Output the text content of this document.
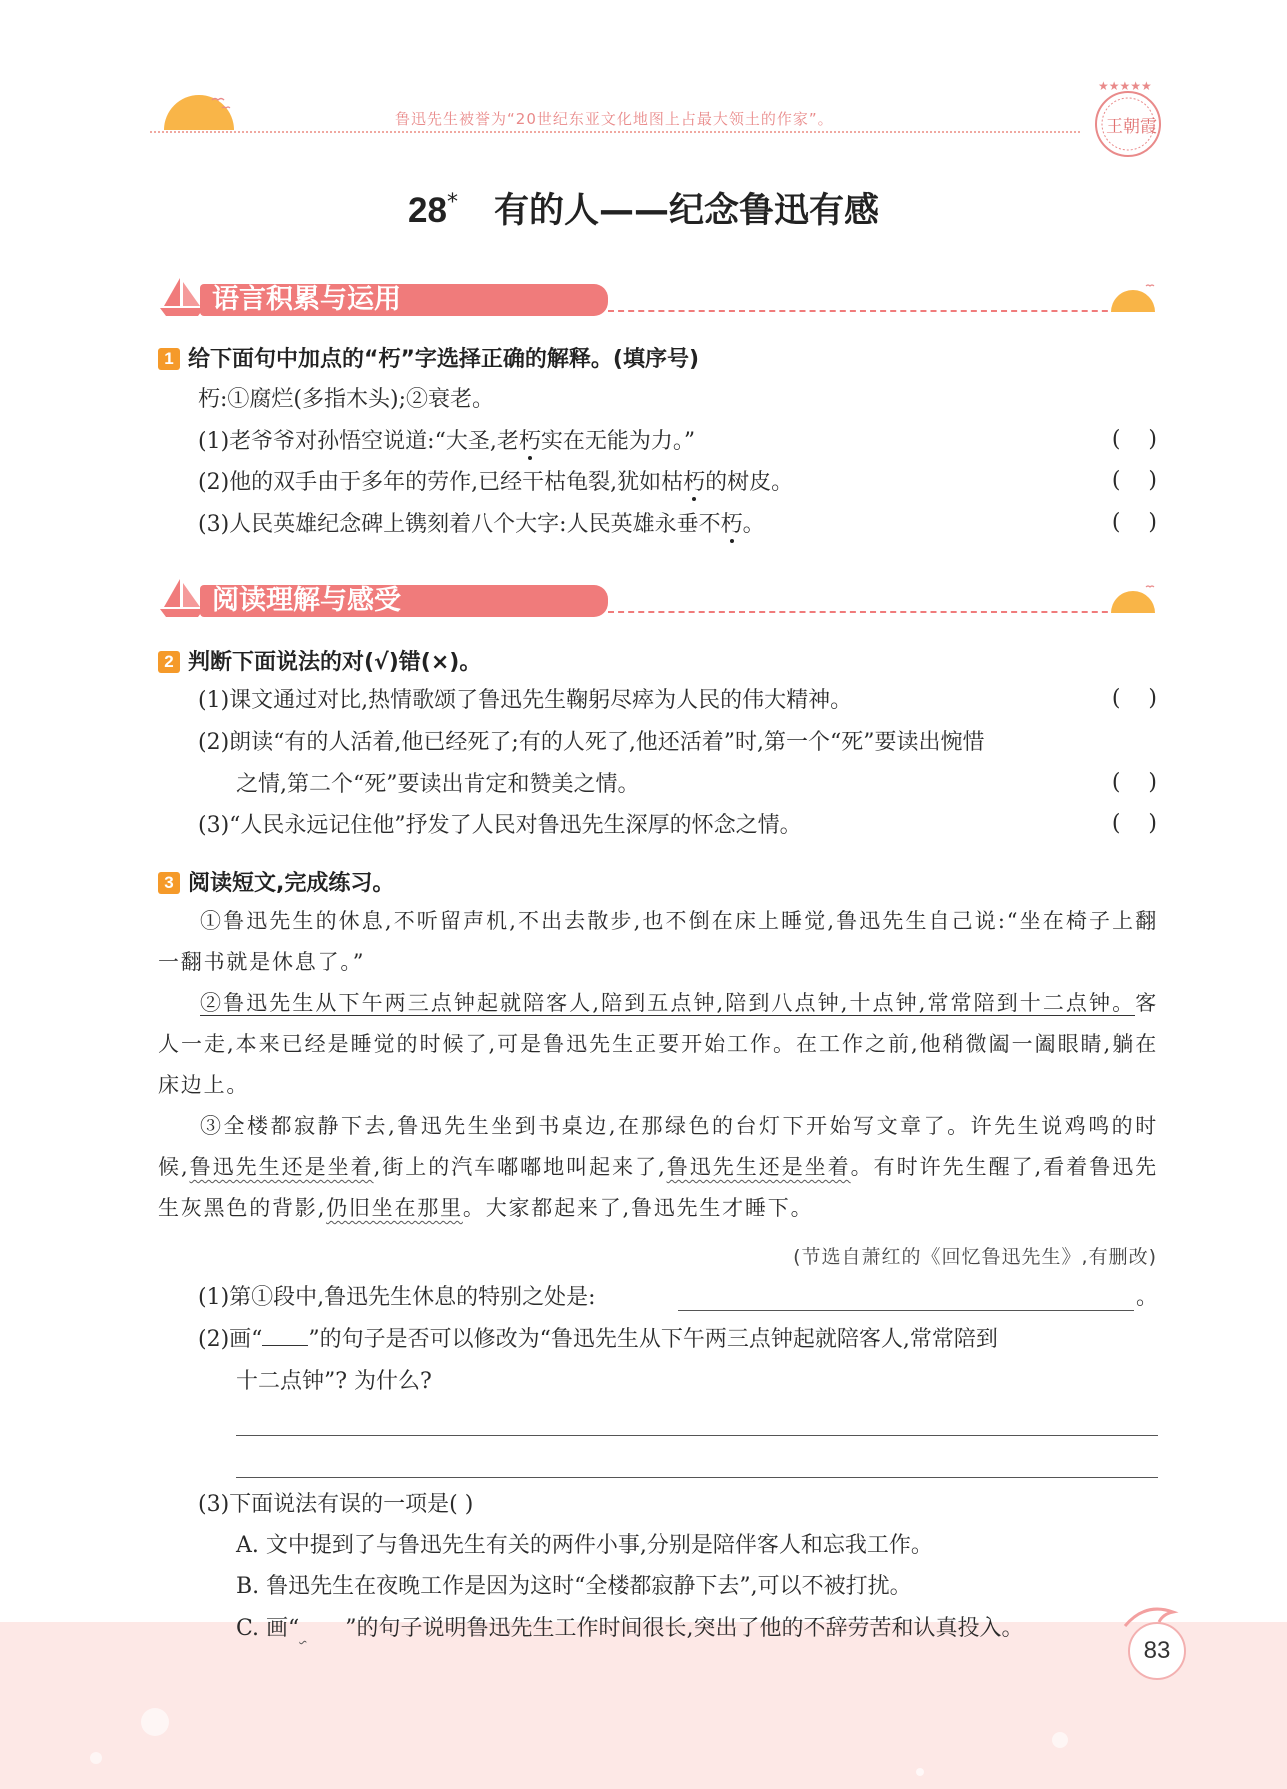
鲁迅先生被誉为“20世纪东亚文化地图上占最大领土的作家”。
★★★★★
王朝霞
28* 有的人——纪念鲁迅有感
语言积累与运用
1 给下面句中加点的“朽”字选择正确的解释。(填序号)
朽:①腐烂(多指木头);②衰老。
(1)老爷爷对孙悟空说道:“大圣,老朽实在无能为力。”	(    )
(2)他的双手由于多年的劳作,已经干枯龟裂,犹如枯朽的树皮。	(    )
(3)人民英雄纪念碑上镌刻着八个大字:人民英雄永垂不朽。	(    )
阅读理解与感受
2 判断下面说法的对(√)错(×)。
(1)课文通过对比,热情歌颂了鲁迅先生鞠躬尽瘁为人民的伟大精神。	(    )
(2)朗读“有的人活着,他已经死了;有的人死了,他还活着”时,第一个“死”要读出惋惜
之情,第二个“死”要读出肯定和赞美之情。	(    )
(3)“人民永远记住他”抒发了人民对鲁迅先生深厚的怀念之情。	(    )
3 阅读短文,完成练习。
①鲁迅先生的休息,不听留声机,不出去散步,也不倒在床上睡觉,鲁迅先生自己说:“坐在椅子上翻一翻书就是休息了。”
②鲁迅先生从下午两三点钟起就陪客人,陪到五点钟,陪到八点钟,十点钟,常常陪到十二点钟。客人一走,本来已经是睡觉的时候了,可是鲁迅先生正要开始工作。在工作之前,他稍微阖一阖眼睛,躺在床边上。
③全楼都寂静下去,鲁迅先生坐到书桌边,在那绿色的台灯下开始写文章了。许先生说鸡鸣的时候,鲁迅先生还是坐着,街上的汽车嘟嘟地叫起来了,鲁迅先生还是坐着。有时许先生醒了,看着鲁迅先生灰黑色的背影,仍旧坐在那里。大家都起来了,鲁迅先生才睡下。
(节选自萧红的《回忆鲁迅先生》,有删改)
(1)第①段中,鲁迅先生休息的特别之处是:	。
(2)画“ ”的句子是否可以修改为“鲁迅先生从下午两三点钟起就陪客人,常常陪到
十二点钟”? 为什么?
(3)下面说法有误的一项是( )
A. 文中提到了与鲁迅先生有关的两件小事,分别是陪伴客人和忘我工作。
B. 鲁迅先生在夜晚工作是因为这时“全楼都寂静下去”,可以不被打扰。
C. 画“ ”的句子说明鲁迅先生工作时间很长,突出了他的不辞劳苦和认真投入。
83
